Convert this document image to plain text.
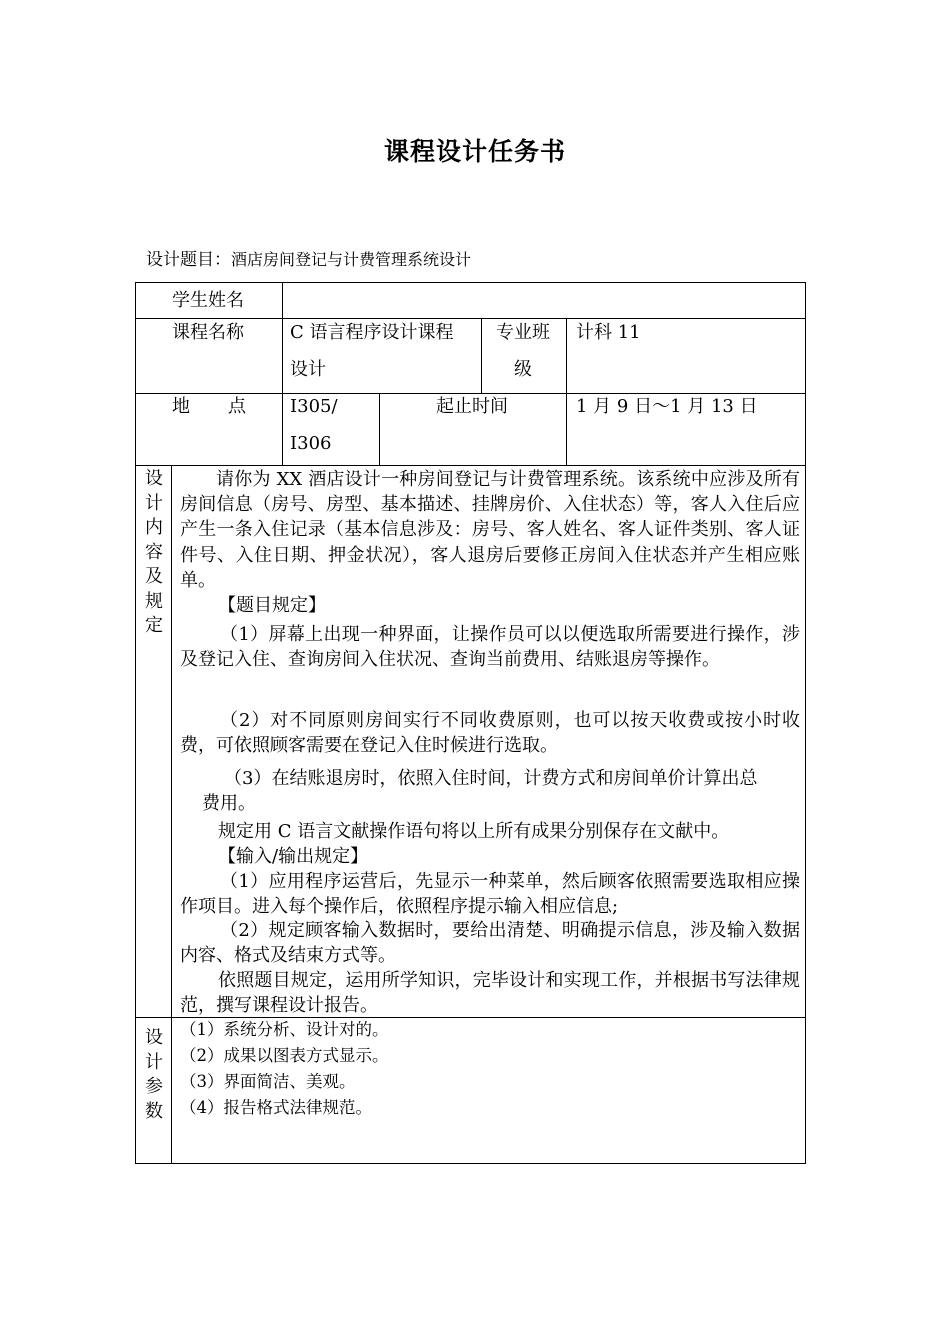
课程设计任务书
设计题目：酒店房间登记与计费管理系统设计
学生姓名
课程名称	C 语言程序设计课程
设计
专业班
级
计科 11
地 点 I305/
I306
起止时间	1 月 9 日～1 月 13 日
设
计
内
容
及
规
定

请你为 XX 酒店设计一种房间登记与计费管理系统。该系统中应涉及所有房间信息（房号、房型、基本描述、挂牌房价、入住状态）等，客人入住后应产生一条入住记录（基本信息涉及：房号、客人姓名、客人证件类别、客人证件号、入住日期、押金状况），客人退房后要修正房间入住状态并产生相应账单。

【题目规定】

（1）屏幕上出现一种界面，让操作员可以以便选取所需要进行操作，涉及登记入住、查询房间入住状况、查询当前费用、结账退房等操作。

（2）对不同原则房间实行不同收费原则，也可以按天收费或按小时收费，可依照顾客需要在登记入住时候进行选取。

（3）在结账退房时，依照入住时间，计费方式和房间单价计算出总

费用。

规定用 C 语言文献操作语句将以上所有成果分别保存在文献中。

【输入/输出规定】

（1）应用程序运营后，先显示一种菜单，然后顾客依照需要选取相应操作项目。进入每个操作后，依照程序提示输入相应信息;

（2）规定顾客输入数据时，要给出清楚、明确提示信息，涉及输入数据内容、格式及结束方式等。

依照题目规定，运用所学知识，完毕设计和实现工作，并根据书写法律规范，撰写课程设计报告。

设
计
参
数
（1）系统分析、设计对的。
（2）成果以图表方式显示。
（3）界面简洁、美观。
（4）报告格式法律规范。
